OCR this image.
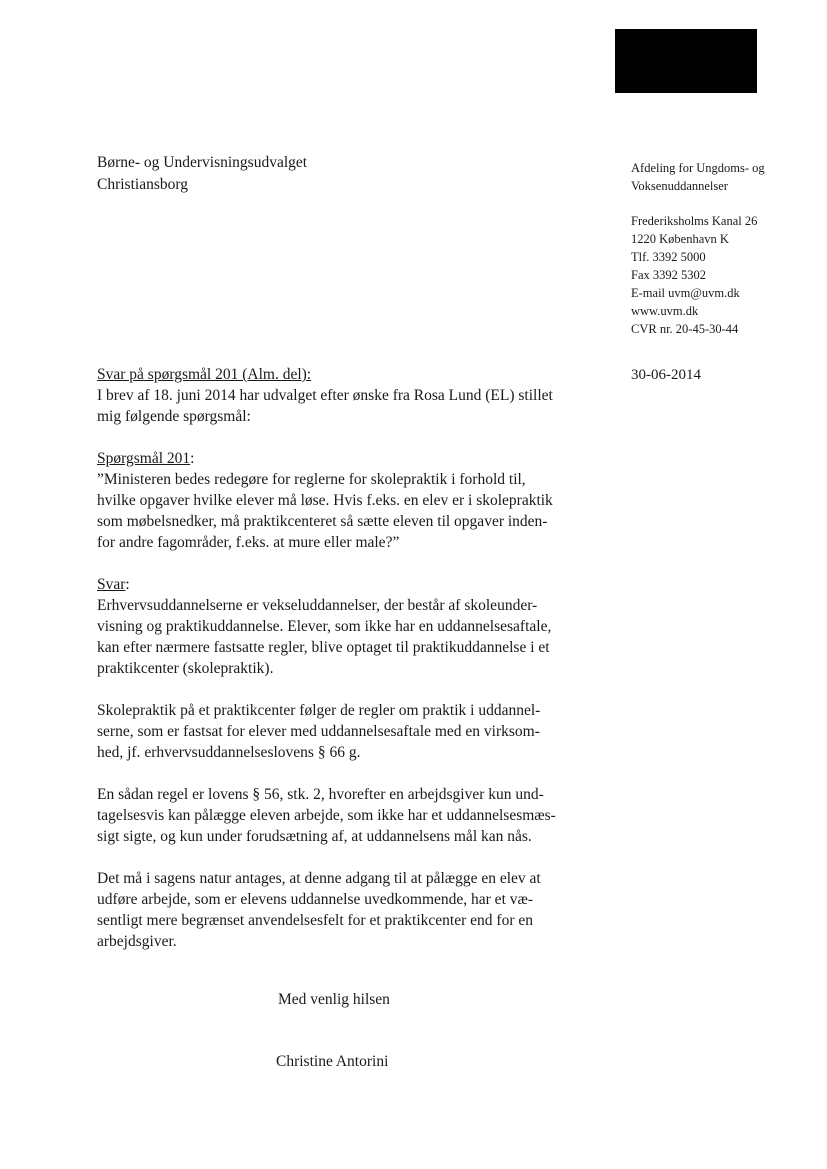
Børne- og Undervisningsudvalget
Christiansborg
Afdeling for Ungdoms- og
Voksenuddannelser
Frederiksholms Kanal 26
1220 København K
Tlf. 3392 5000
Fax 3392 5302
E-mail uvm@uvm.dk
www.uvm.dk
CVR nr. 20-45-30-44
30-06-2014

Svar på spørgsmål 201 (Alm. del):
I brev af 18. juni 2014 har udvalget efter ønske fra Rosa Lund (EL) stillet
mig følgende spørgsmål:

Spørgsmål 201:
”Ministeren bedes redegøre for reglerne for skolepraktik i forhold til,
hvilke opgaver hvilke elever må løse. Hvis f.eks. en elev er i skolepraktik
som møbelsnedker, må praktikcenteret så sætte eleven til opgaver inden-
for andre fagområder, f.eks. at mure eller male?”

Svar:
Erhvervsuddannelserne er vekseluddannelser, der består af skoleunder-
visning og praktikuddannelse. Elever, som ikke har en uddannelsesaftale,
kan efter nærmere fastsatte regler, blive optaget til praktikuddannelse i et
praktikcenter (skolepraktik).

Skolepraktik på et praktikcenter følger de regler om praktik i uddannel-
serne, som er fastsat for elever med uddannelsesaftale med en virksom-
hed, jf. erhvervsuddannelseslovens § 66 g.

En sådan regel er lovens § 56, stk. 2, hvorefter en arbejdsgiver kun und-
tagelsesvis kan pålægge eleven arbejde, som ikke har et uddannelsesmæs-
sigt sigte, og kun under forudsætning af, at uddannelsens mål kan nås.

Det må i sagens natur antages, at denne adgang til at pålægge en elev at
udføre arbejde, som er elevens uddannelse uvedkommende, har et væ-
sentligt mere begrænset anvendelsesfelt for et praktikcenter end for en
arbejdsgiver.

Med venlig hilsen
Christine Antorini
